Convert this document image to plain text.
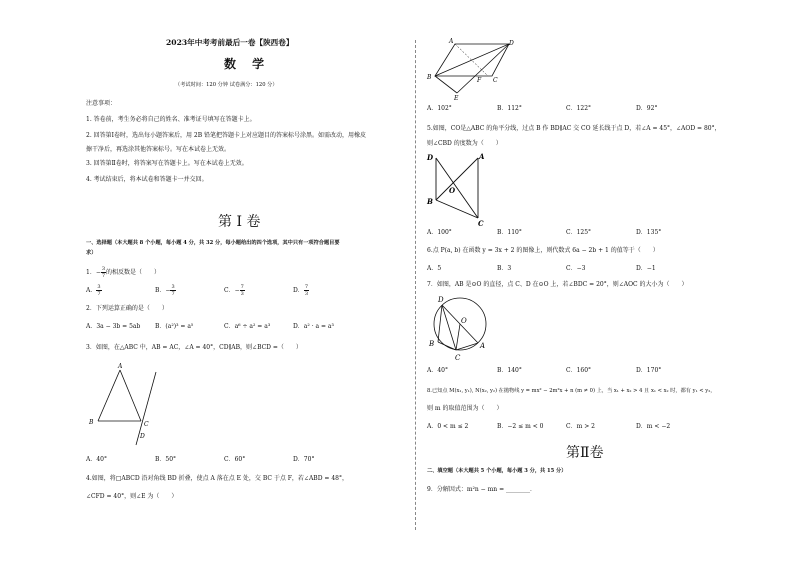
2023年中考考前最后一卷【陕西卷】
数 学
（考试时间：120 分钟 试卷满分：120 分）
注意事项：
1. 答卷前，考生务必将自己的姓名、准考证号填写在答题卡上。
2. 回答第Ⅰ卷时，选出每小题答案后，用 2B 铅笔把答题卡上对应题目的答案标号涂黑。如需改动，用橡皮
擦干净后，再选涂其他答案标号。写在本试卷上无效。
3. 回答第Ⅱ卷时，将答案写在答题卡上。写在本试卷上无效。
4. 考试结束后，将本试卷和答题卡一并交回。
第 Ⅰ 卷
一、选择题（本大题共 8 个小题，每小题 4 分，共 32 分，每小题给出的四个选项，其中只有一项符合题目要
求）
1．− $\frac{3}{7}$ 的相反数是（　　）
A． $\frac{3}{7}$	B．− $\frac{3}{7}$	C．− $\frac{7}{3}$	D． $\frac{7}{3}$
2．下列运算正确的是（　　）
A．3a − 3b = 5ab B．(a²)³ = a⁵	C．a⁶ ÷ a² = a³	D．a² · a = a³
3．如图，在△ABC 中，AB = AC，∠A = 40°，CD∥AB，则∠BCD =（　　）
A
B	C
D
A．40°	B．50°	C．60°	D．70°
4.如图，将□ABCD 沿对角线 BD 折叠，使点 A 落在点 E 处，交 BC 于点 F，若∠ABD = 48°，
∠CFD = 40°，则∠E 为（　　）
A	D
B	F C
E
A．102°	B．112°	C．122°	D．92°
5.如图，CO是△ABC 的角平分线，过点 B 作 BD∥AC 交 CO 延长线于点 D，若∠A = 45°，∠AOD = 80°，
则∠CBD 的度数为（　　）
D	A
O
B
C
A．100°	B．110°	C．125°	D．135°
6.点 P(a, b) 在函数 y = 3x + 2 的图像上，则代数式 6a − 2b + 1 的值等于（　　）
A．5	B．3	C．−3	D．−1
7．如图，AB 是⊙O 的直径，点 C、D 在⊙O 上，若∠BDC = 20°，则∠AOC 的大小为（　　）
D
A
O
B
C
A．40°	B．140°	C．160°	D．170°
8.已知点 M(x₁, y₁), N(x₂, y₂) 在抛物线 y = mx² − 2m²x + n (m ≠ 0) 上，当 x₁ + x₂ > 4 且 x₁ < x₂ 时，都有 y₁ < y₂，
则 m 的取值范围为（　　）
A．0 < m ≤ 2	B．−2 ≤ m < 0	C．m > 2	D．m < −2
第Ⅱ卷
二、填空题（本大题共 5 个小题，每小题 3 分，共 15 分）
9．分解因式：m²n − mn = ________．
